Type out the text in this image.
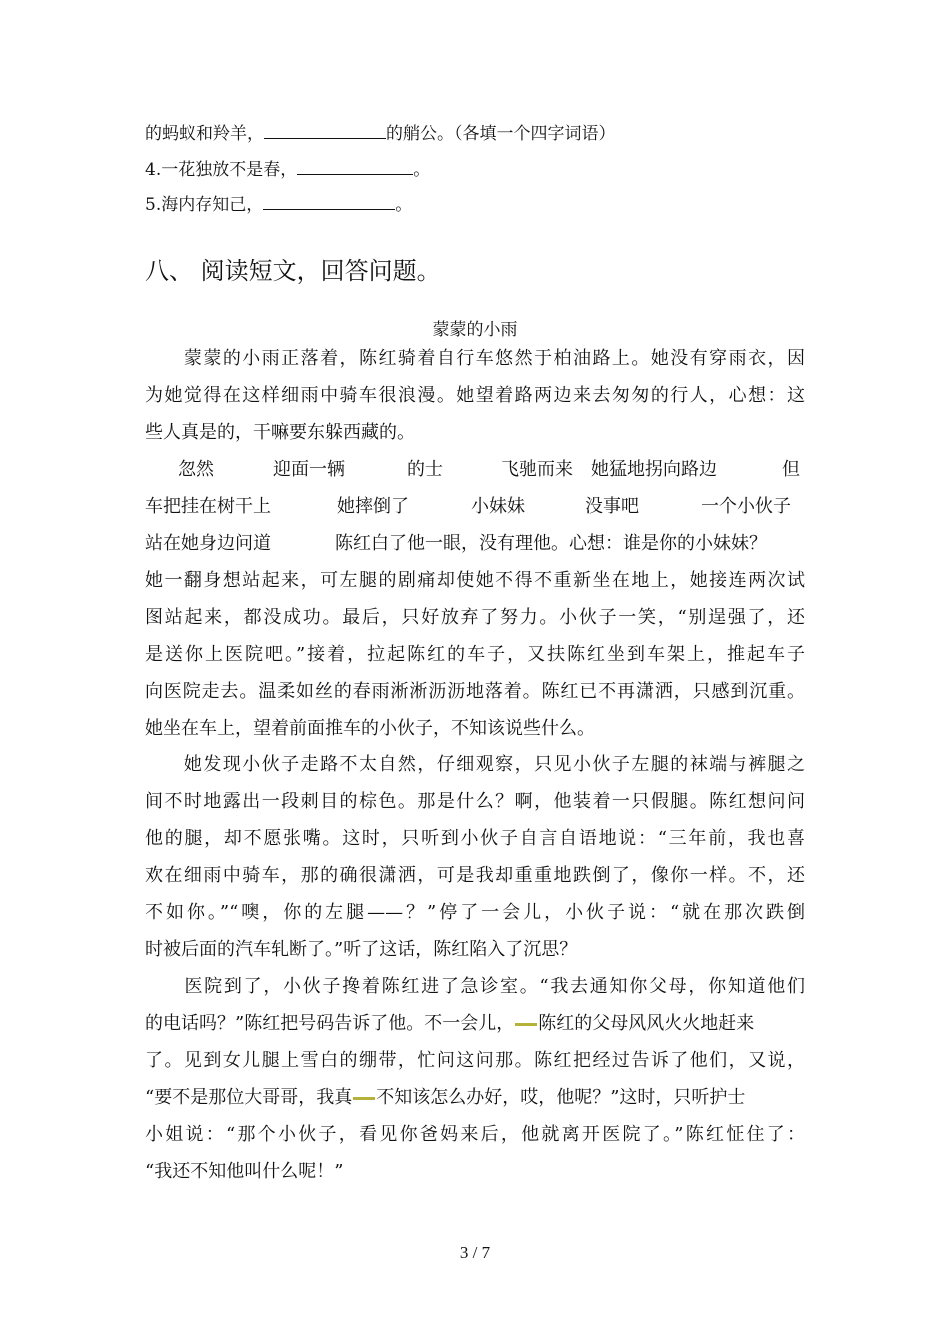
的蚂蚁和羚羊，	的艄公。（各填一个四字词语）
4.一花独放不是春，	。
5.海内存知己，	。
八、 阅读短文，回答问题。
蒙蒙的小雨
　　蒙蒙的小雨正落着，陈红骑着自行车悠然于柏油路上。她没有穿雨衣，因
为她觉得在这样细雨中骑车很浪漫。她望着路两边来去匆匆的行人，心想：这
些人真是的，干嘛要东躲西藏的。
忽然	迎面一辆	的士	飞驰而来 她猛地拐向路边	但
车把挂在树干上	她摔倒了	小妹妹	没事吧	一个小伙子
站在她身边问道	陈红白了他一眼，没有理他。心想：谁是你的小妹妹？
她一翻身想站起来，可左腿的剧痛却使她不得不重新坐在地上，她接连两次试
图站起来，都没成功。最后，只好放弃了努力。小伙子一笑，“别逞强了，还
是送你上医院吧。”接着，拉起陈红的车子，又扶陈红坐到车架上，推起车子
向医院走去。温柔如丝的春雨淅淅沥沥地落着。陈红已不再潇洒，只感到沉重。
她坐在车上，望着前面推车的小伙子，不知该说些什么。
　　她发现小伙子走路不太自然，仔细观察，只见小伙子左腿的袜端与裤腿之
间不时地露出一段刺目的棕色。那是什么？啊，他装着一只假腿。陈红想问问
他的腿，却不愿张嘴。这时，只听到小伙子自言自语地说：“三年前，我也喜
欢在细雨中骑车，那的确很潇洒，可是我却重重地跌倒了，像你一样。不，还
不如你。”“噢，你的左腿——？”停了一会儿，小伙子说：“就在那次跌倒
时被后面的汽车轧断了。”听了这话，陈红陷入了沉思？
　　医院到了，小伙子搀着陈红进了急诊室。“我去通知你父母，你知道他们
的电话吗？”陈红把号码告诉了他。不一会儿， 陈红的父母风风火火地赶来
了。见到女儿腿上雪白的绷带，忙问这问那。陈红把经过告诉了他们，又说，
“要不是那位大哥哥，我真 不知该怎么办好，哎，他呢？”这时，只听护士
小姐说：“那个小伙子，看见你爸妈来后，他就离开医院了。”陈红怔住了：
“我还不知他叫什么呢！”
3 / 7
